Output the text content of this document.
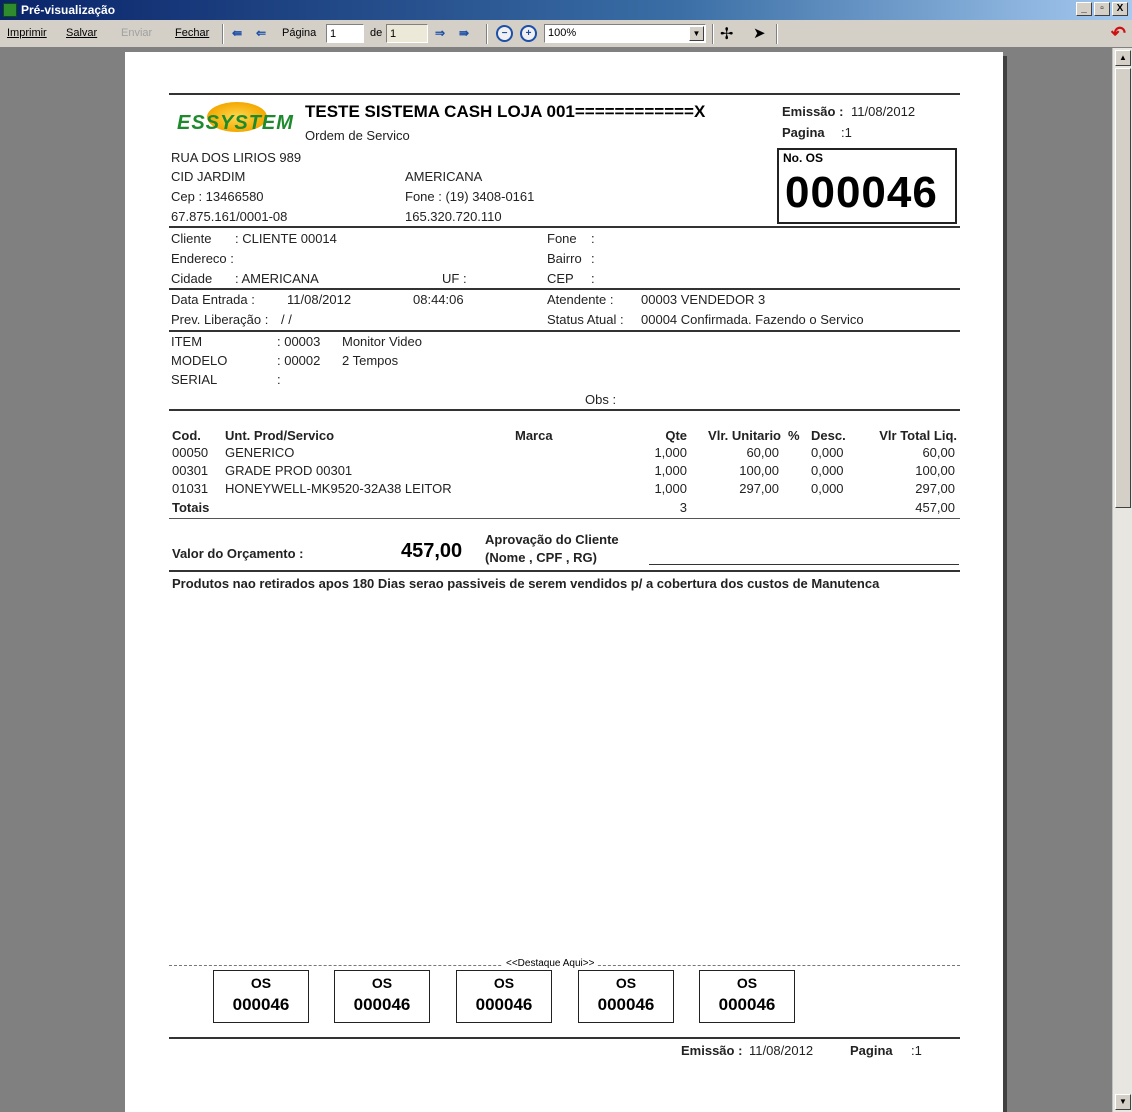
Pré-visualização	_	▫	X
Imprimir Salvar Enviar Fechar ⇚ ⇐ Página
1	de
1	⇒ ⇛	−	+	100%	▼ ✢ ➤	↶
ESSYSTEM
TESTE SISTEMA CASH LOJA 001============X
Ordem de Servico
Emissão : 11/08/2012
Pagina :1
No. OS
000046
RUA DOS LIRIOS 989
CID JARDIM	AMERICANA
Cep : 13466580	Fone : (19) 3408-0161
67.875.161/0001-08	165.320.720.110
Cliente : CLIENTE 00014
Endereco :
Cidade : AMERICANA	UF :
Fone :
Bairro :
CEP :
Data Entrada : 11/08/2012	08:44:06	Atendente : 00003 VENDEDOR 3
Prev. Liberação : / /	Status Atual : 00004 Confirmada. Fazendo o Servico
ITEM	: 00003 Monitor Video
MODELO	: 00002 2 Tempos
SERIAL	:
Obs :
Cod. Unt. Prod/Servico	Marca	Qte	Vlr. Unitario % Desc.	Vlr Total Liq.
00050 GENERICO	1,000	60,00 0,000	60,00
00301 GRADE PROD 00301	1,000	100,00 0,000	100,00
01031 HONEYWELL-MK9520-32A38 LEITOR	1,000	297,00 0,000	297,00
Totais	3	457,00
Valor do Orçamento :	457,00
Aprovação do Cliente
(Nome , CPF , RG)
Produtos nao retirados apos 180 Dias serao passiveis de serem vendidos p/ a cobertura dos custos de Manutenca
<<Destaque Aqui>>
OS
000046
OS
000046
OS
000046
OS
000046
OS
000046
Emissão : 11/08/2012	Pagina :1
▲
▼
